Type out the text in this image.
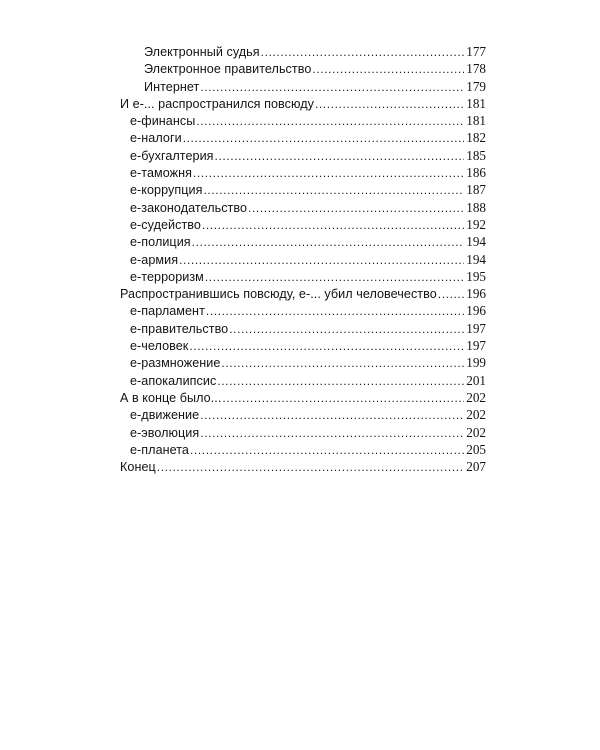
Электронный судья .....	177
Электронное правительство .....	178
Интернет .....	179
И е-... распространился повсюду .....	181
е-финансы .....	181
е-налоги .....	182
е-бухгалтерия .....	185
е-таможня .....	186
е-коррупция .....	187
е-законодательство .....	188
е-судейство .....	192
е-полиция .....	194
е-армия .....	194
е-терроризм .....	195
Распространившись повсюду, е-... убил человечество ..... 196
е-парламент .....	196
е-правительство .....	197
е-человек .....	197
е-размножение .....	199
е-апокалипсис .....	201
А в конце было... .....	202
е-движение .....	202
е-эволюция .....	202
е-планета .....	205
Конец .....	207
